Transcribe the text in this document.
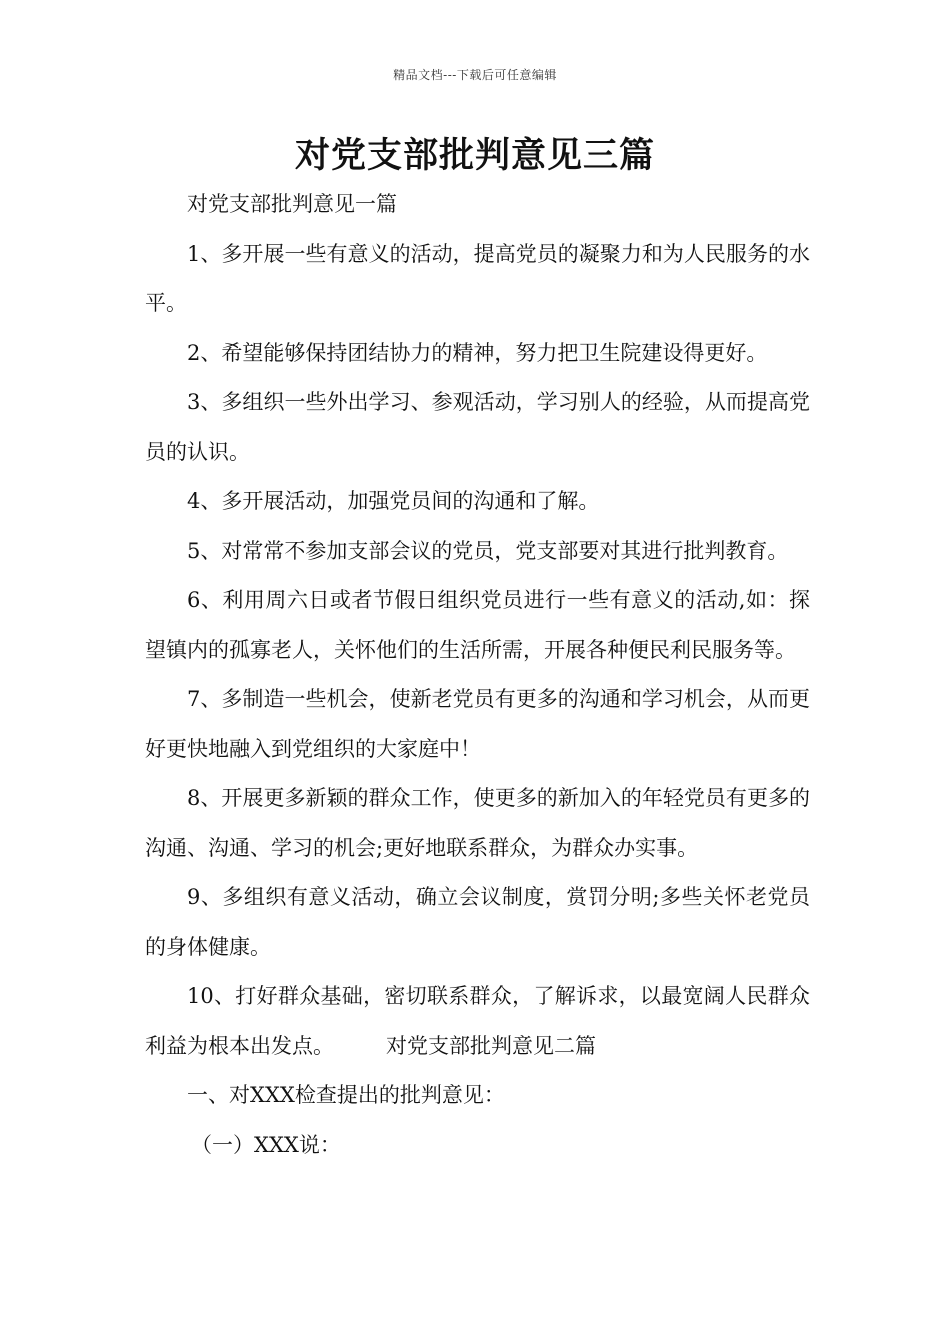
精品文档---下载后可任意编辑
对党支部批判意见三篇

对党支部批判意见一篇

1、多开展一些有意义的活动，提高党员的凝聚力和为人民服务的水平。

2、希望能够保持团结协力的精神，努力把卫生院建设得更好。

3、多组织一些外出学习、参观活动，学习别人的经验，从而提高党员的认识。

4、多开展活动，加强党员间的沟通和了解。

5、对常常不参加支部会议的党员，党支部要对其进行批判教育。

6、利用周六日或者节假日组织党员进行一些有意义的活动,如：探望镇内的孤寡老人，关怀他们的生活所需，开展各种便民利民服务等。

7、多制造一些机会，使新老党员有更多的沟通和学习机会，从而更好更快地融入到党组织的大家庭中！

8、开展更多新颖的群众工作，使更多的新加入的年轻党员有更多的沟通、沟通、学习的机会;更好地联系群众，为群众办实事。

9、多组织有意义活动，确立会议制度，赏罚分明;多些关怀老党员的身体健康。

10、打好群众基础，密切联系群众，了解诉求，以最宽阔人民群众利益为根本出发点。 对党支部批判意见二篇

一、对XXX检查提出的批判意见：

（一）XXX说：
